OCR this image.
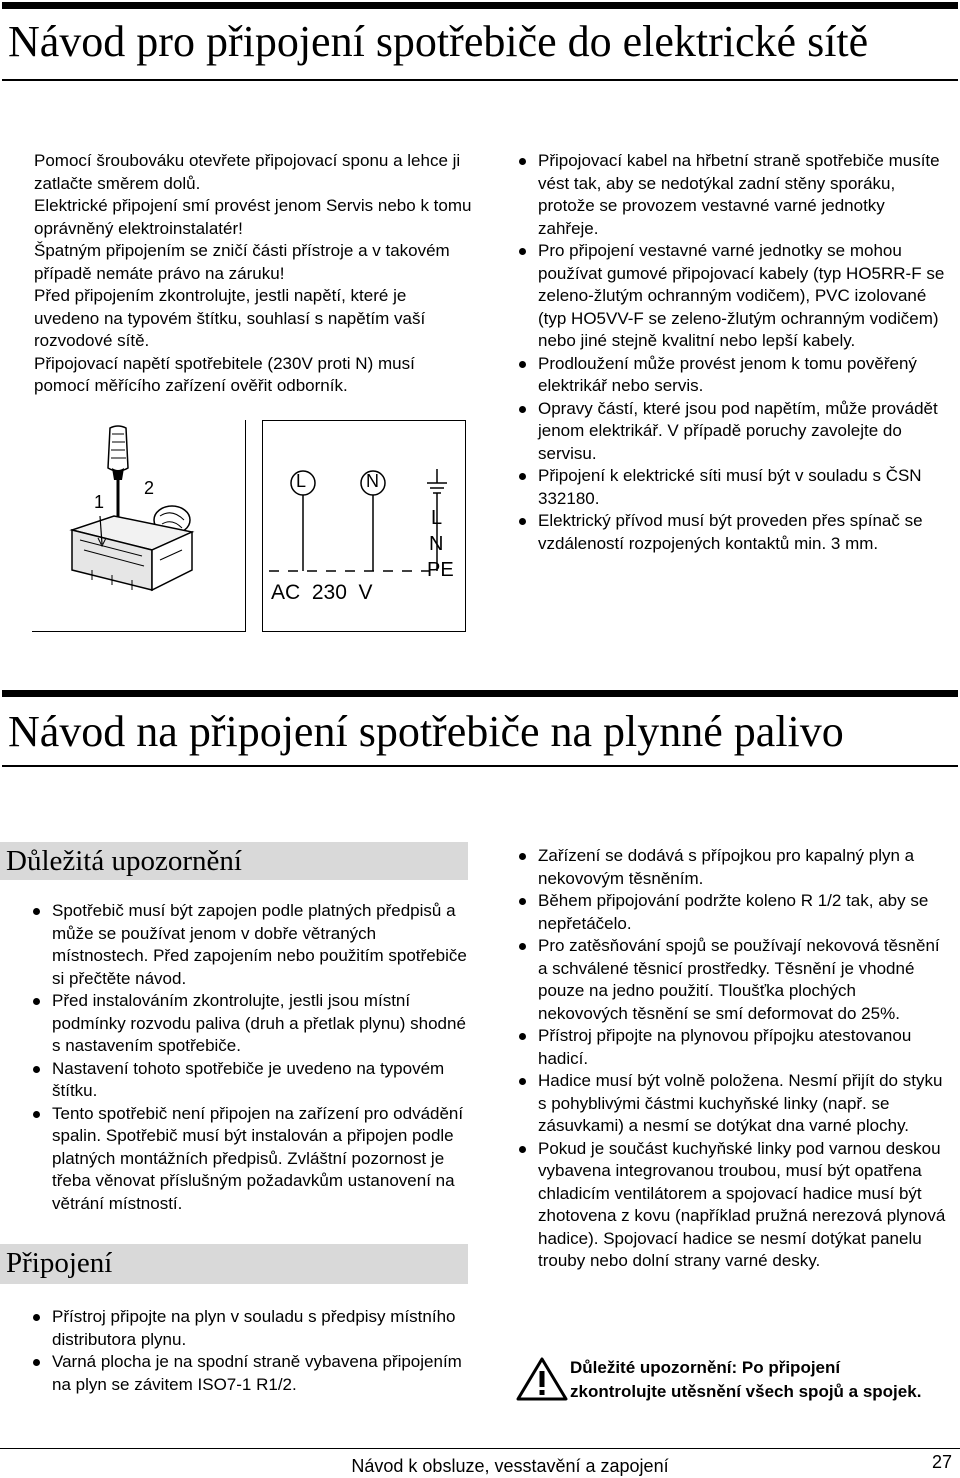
Návod pro připojení spotřebiče do elektrické sítě

Pomocí šroubováku otevřete připojovací sponu a lehce ji zatlačte směrem dolů.

Elektrické připojení smí provést jenom Servis nebo k tomu oprávněný elektroinstalatér!

Špatným připojením se zničí části přístroje a v takovém případě nemáte právo na záruku!

Před připojením zkontrolujte, jestli napětí, které je uvedeno na typovém štítku, souhlasí s napětím vaší rozvodové sítě.

Připojovací napětí spotřebitele (230V proti N) musí pomocí měřícího zařízení ověřit odborník.

Připojovací kabel na hřbetní straně spotřebiče musíte vést tak, aby se nedotýkal zadní stěny sporáku, protože se provozem vestavné varné jednotky zahřeje.
Pro připojení vestavné varné jednotky se mohou používat gumové připojovací kabely (typ HO5RR-F se zeleno-žlutým ochranným vodičem), PVC izolované (typ HO5VV-F se zeleno-žlutým ochranným vodičem) nebo jiné stejně kvalitní nebo lepší kabely.
Prodloužení může provést jenom k tomu pověřený elektrikář nebo servis.
Opravy částí, které jsou pod napětím, může provádět jenom elektrikář. V případě poruchy zavolejte do servisu.
Připojení k elektrické síti musí být v souladu s ČSN 332180.
Elektrický přívod musí být proveden přes spínač se vzdáleností rozpojených kontaktů min. 3 mm.
1
2	L	N
L
N
PE
AC  230  V
Návod na připojení spotřebiče na plynné palivo
Důležitá upozornění
Spotřebič musí být zapojen podle platných předpisů a může se používat jenom v dobře větraných místnostech. Před zapojením nebo použitím spotřebiče si přečtěte návod.
Před instalováním zkontrolujte, jestli jsou místní podmínky rozvodu paliva (druh a přetlak plynu) shodné s nastavením spotřebiče.
Nastavení tohoto spotřebiče je uvedeno na typovém štítku.
Tento spotřebič není připojen na zařízení pro odvádění spalin. Spotřebič musí být instalován a připojen podle platných montážních předpisů. Zvláštní pozornost je třeba věnovat příslušným požadavkům ustanovení na větrání místností.
Připojení
Přístroj připojte na plyn v souladu s předpisy místního distributora plynu.
Varná plocha je na spodní straně vybavena připojením na plyn se závitem ISO7-1 R1/2.
Zařízení se dodává s přípojkou pro kapalný plyn a nekovovým těsněním.
Během připojování podržte koleno R 1/2 tak, aby se nepřetáčelo.
Pro zatěsňování spojů se používají nekovová těsnění a schválené těsnicí prostředky. Těsnění je vhodné pouze na jedno použití. Tloušťka plochých nekovových těsnění se smí deformovat do 25%.
Přístroj připojte na plynovou přípojku atestovanou hadicí.
Hadice musí být volně položena. Nesmí přijít do styku s pohyblivými částmi kuchyňské linky (např. se zásuvkami) a nesmí se dotýkat dna varné plochy.
Pokud je součást kuchyňské linky pod varnou deskou vybavena integrovanou troubou, musí být opatřena chladicím ventilátorem a spojovací hadice musí být zhotovena z kovu (například pružná nerezová plynová hadice). Spojovací hadice se nesmí dotýkat panelu trouby nebo dolní strany varné desky.
Důležité upozornění: Po připojení zkontrolujte utěsnění všech spojů a spojek.
Návod k obsluze, vesstavění a zapojení	27
